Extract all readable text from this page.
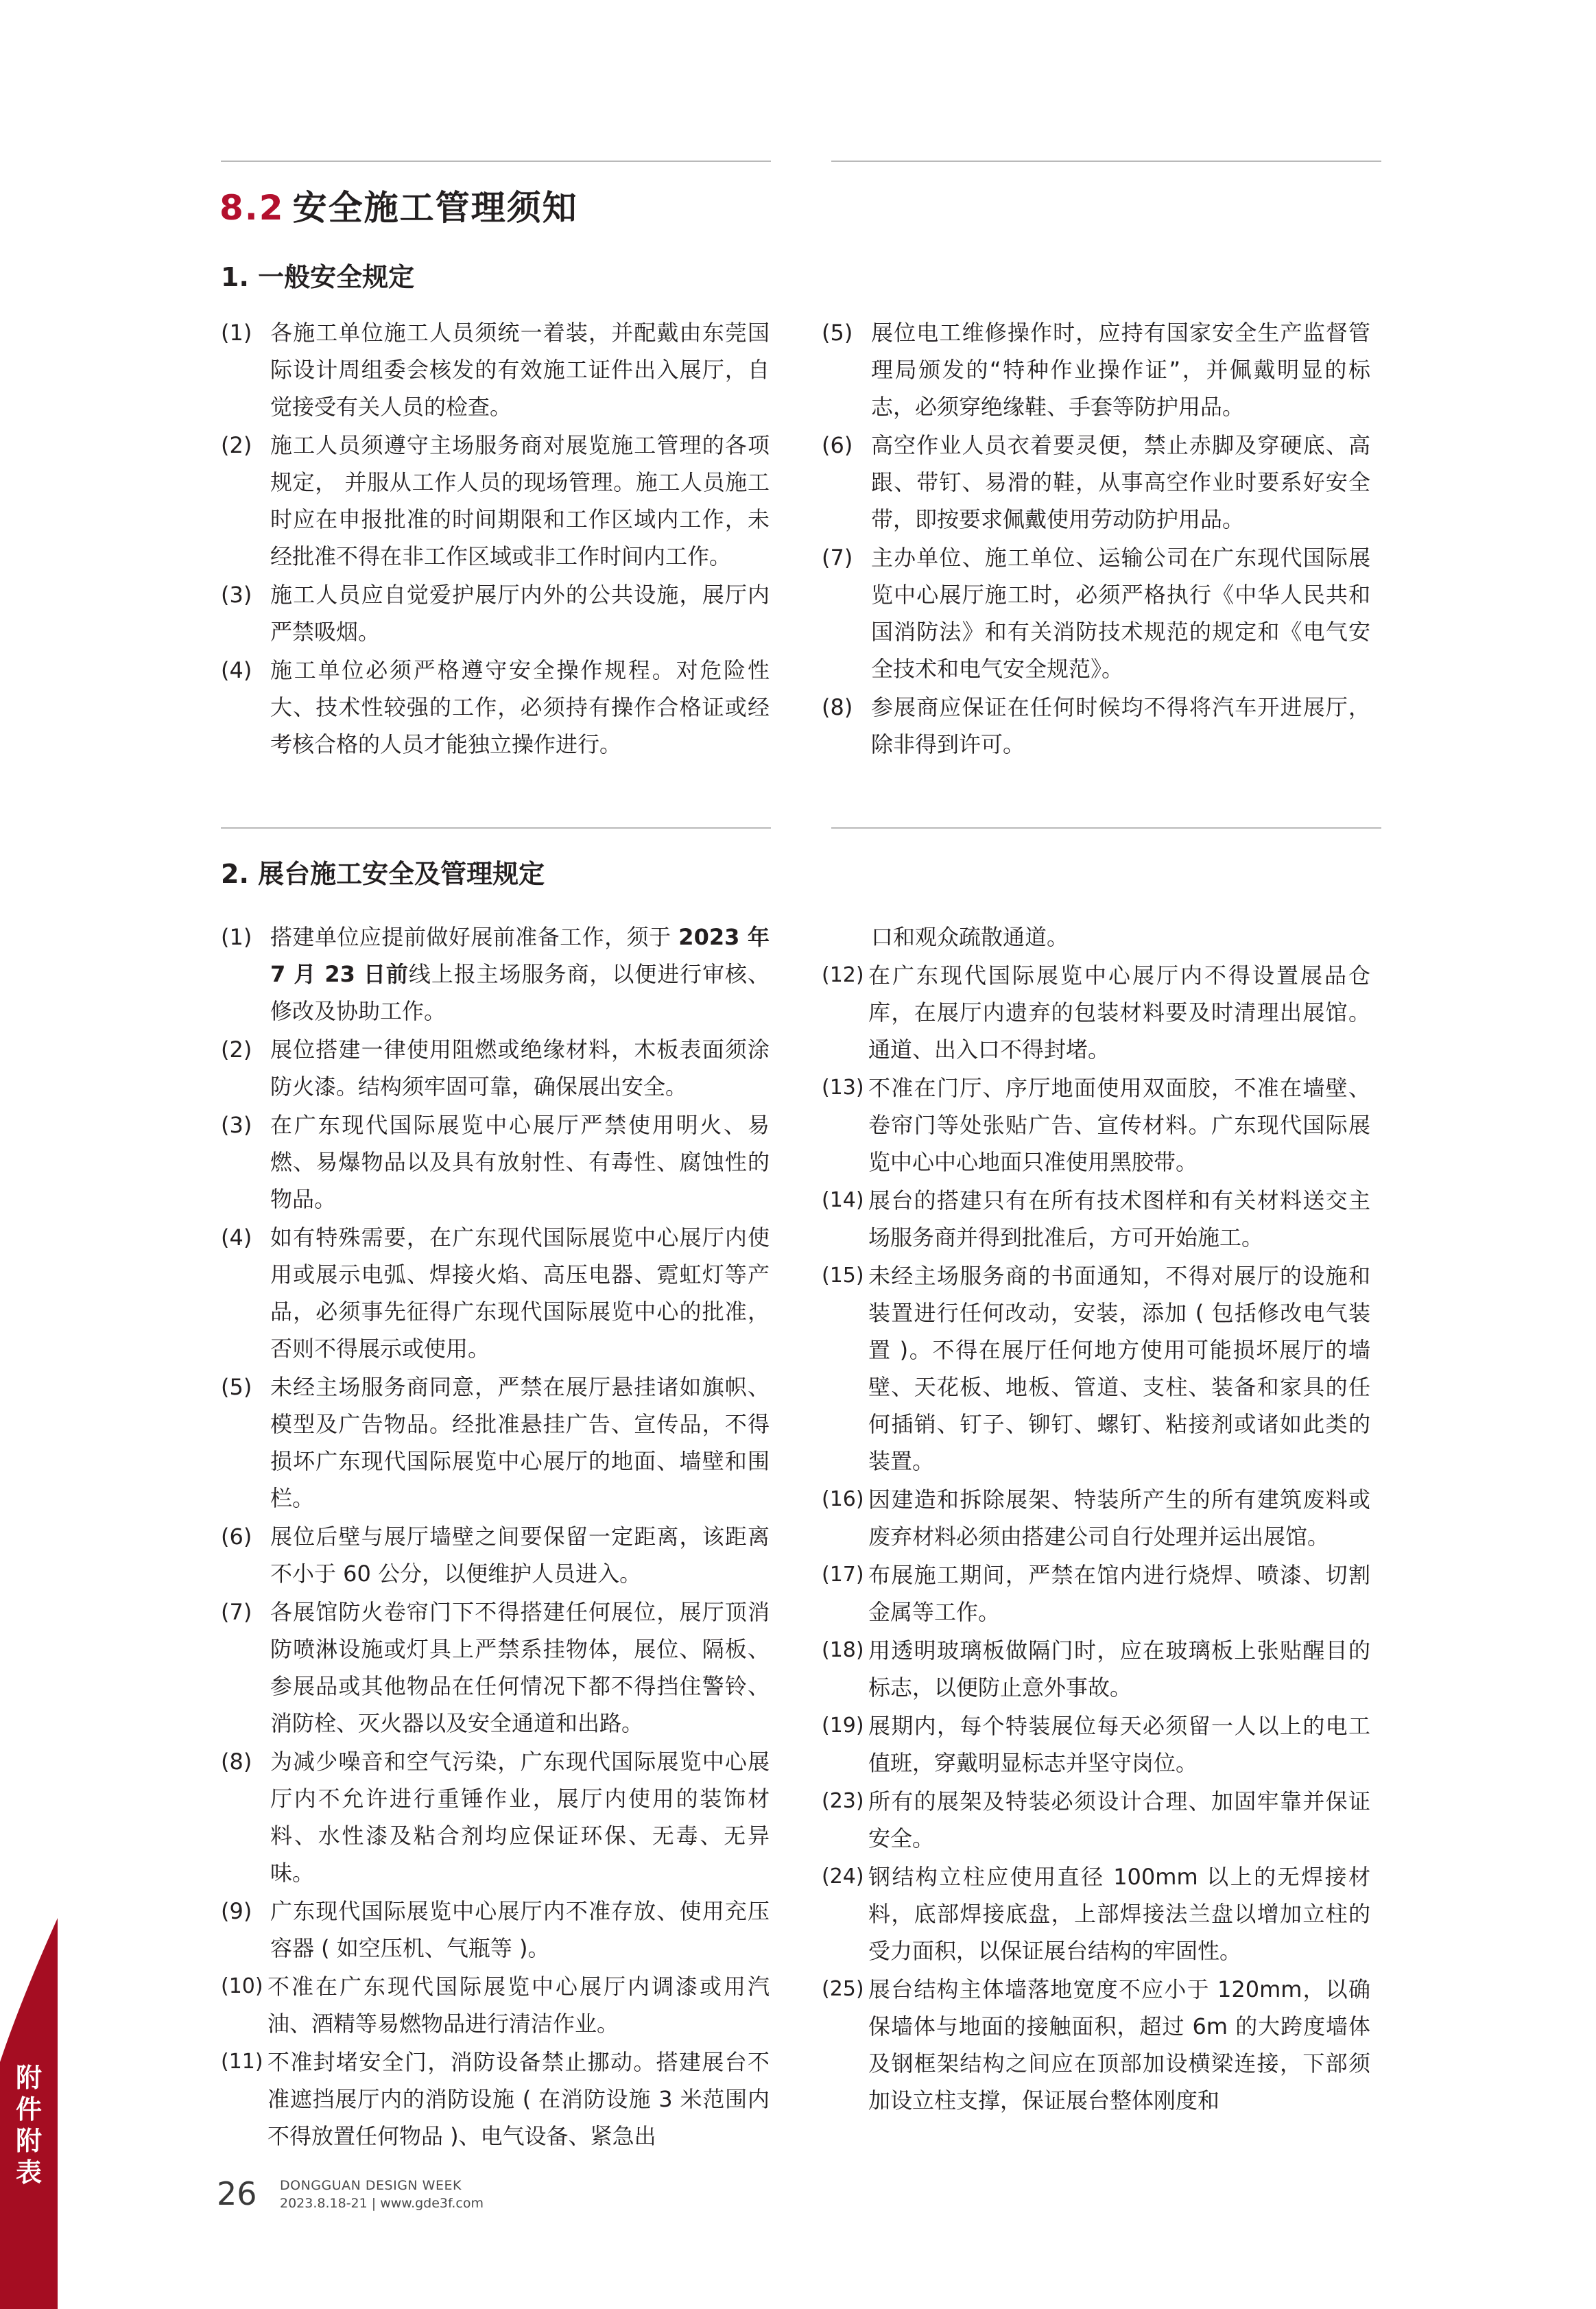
8.2 安全施工管理须知
1. 一般安全规定
(1) 各施工单位施工人员须统一着装，并配戴由东莞国际设计周组委会核发的有效施工证件出入展厅，自觉接受有关人员的检查。
(2) 施工人员须遵守主场服务商对展览施工管理的各项规定， 并服从工作人员的现场管理。施工人员施工时应在申报批准的时间期限和工作区域内工作，未经批准不得在非工作区域或非工作时间内工作。
(3) 施工人员应自觉爱护展厅内外的公共设施，展厅内严禁吸烟。
(4) 施工单位必须严格遵守安全操作规程。对危险性大、技术性较强的工作，必须持有操作合格证或经考核合格的人员才能独立操作进行。
(5) 展位电工维修操作时，应持有国家安全生产监督管理局颁发的“特种作业操作证”，并佩戴明显的标志，必须穿绝缘鞋、手套等防护用品。
(6) 高空作业人员衣着要灵便，禁止赤脚及穿硬底、高跟、带钉、易滑的鞋，从事高空作业时要系好安全带，即按要求佩戴使用劳动防护用品。
(7) 主办单位、施工单位、运输公司在广东现代国际展览中心展厅施工时，必须严格执行《中华人民共和国消防法》和有关消防技术规范的规定和《电气安全技术和电气安全规范》。
(8) 参展商应保证在任何时候均不得将汽车开进展厅，除非得到许可。
2. 展台施工安全及管理规定
(1) 搭建单位应提前做好展前准备工作，须于 2023 年 7 月 23 日前线上报主场服务商，以便进行审核、修改及协助工作。
(2) 展位搭建一律使用阻燃或绝缘材料，木板表面须涂防火漆。结构须牢固可靠，确保展出安全。
(3) 在广东现代国际展览中心展厅严禁使用明火、易燃、易爆物品以及具有放射性、有毒性、腐蚀性的物品。
(4) 如有特殊需要，在广东现代国际展览中心展厅内使用或展示电弧、焊接火焰、高压电器、霓虹灯等产品，必须事先征得广东现代国际展览中心的批准，否则不得展示或使用。
(5) 未经主场服务商同意，严禁在展厅悬挂诸如旗帜、模型及广告物品。经批准悬挂广告、宣传品，不得损坏广东现代国际展览中心展厅的地面、墙壁和围栏。
(6) 展位后壁与展厅墙壁之间要保留一定距离，该距离不小于 60 公分，以便维护人员进入。
(7) 各展馆防火卷帘门下不得搭建任何展位，展厅顶消防喷淋设施或灯具上严禁系挂物体，展位、隔板、参展品或其他物品在任何情况下都不得挡住警铃、消防栓、灭火器以及安全通道和出路。
(8) 为减少噪音和空气污染，广东现代国际展览中心展厅内不允许进行重锤作业，展厅内使用的装饰材料、水性漆及粘合剂均应保证环保、无毒、无异味。
(9) 广东现代国际展览中心展厅内不准存放、使用充压容器 ( 如空压机、气瓶等 )。
(10) 不准在广东现代国际展览中心展厅内调漆或用汽油、酒精等易燃物品进行清洁作业。
(11) 不准封堵安全门，消防设备禁止挪动。搭建展台不准遮挡展厅内的消防设施 ( 在消防设施 3 米范围内不得放置任何物品 )、电气设备、紧急出
口和观众疏散通道。
(12) 在广东现代国际展览中心展厅内不得设置展品仓库，在展厅内遗弃的包装材料要及时清理出展馆。通道、出入口不得封堵。
(13) 不准在门厅、序厅地面使用双面胶，不准在墙壁、卷帘门等处张贴广告、宣传材料。广东现代国际展览中心中心地面只准使用黑胶带。
(14) 展台的搭建只有在所有技术图样和有关材料送交主场服务商并得到批准后，方可开始施工。
(15) 未经主场服务商的书面通知，不得对展厅的设施和装置进行任何改动，安装，添加 ( 包括修改电气装置 )。不得在展厅任何地方使用可能损坏展厅的墙壁、天花板、地板、管道、支柱、装备和家具的任何插销、钉子、铆钉、螺钉、粘接剂或诸如此类的装置。
(16) 因建造和拆除展架、特装所产生的所有建筑废料或废弃材料必须由搭建公司自行处理并运出展馆。
(17) 布展施工期间，严禁在馆内进行烧焊、喷漆、切割金属等工作。
(18) 用透明玻璃板做隔门时，应在玻璃板上张贴醒目的标志，以便防止意外事故。
(19) 展期内，每个特装展位每天必须留一人以上的电工值班，穿戴明显标志并坚守岗位。
(23) 所有的展架及特装必须设计合理、加固牢靠并保证安全。
(24) 钢结构立柱应使用直径 100mm 以上的无焊接材料，底部焊接底盘，上部焊接法兰盘以增加立柱的受力面积，以保证展台结构的牢固性。
(25) 展台结构主体墙落地宽度不应小于 120mm，以确保墙体与地面的接触面积，超过 6m 的大跨度墙体及钢框架结构之间应在顶部加设横梁连接，下部须加设立柱支撑，保证展台整体刚度和
附
件
附
表
26 DONGGUAN DESIGN WEEK
2023.8.18-21 | www.gde3f.com
